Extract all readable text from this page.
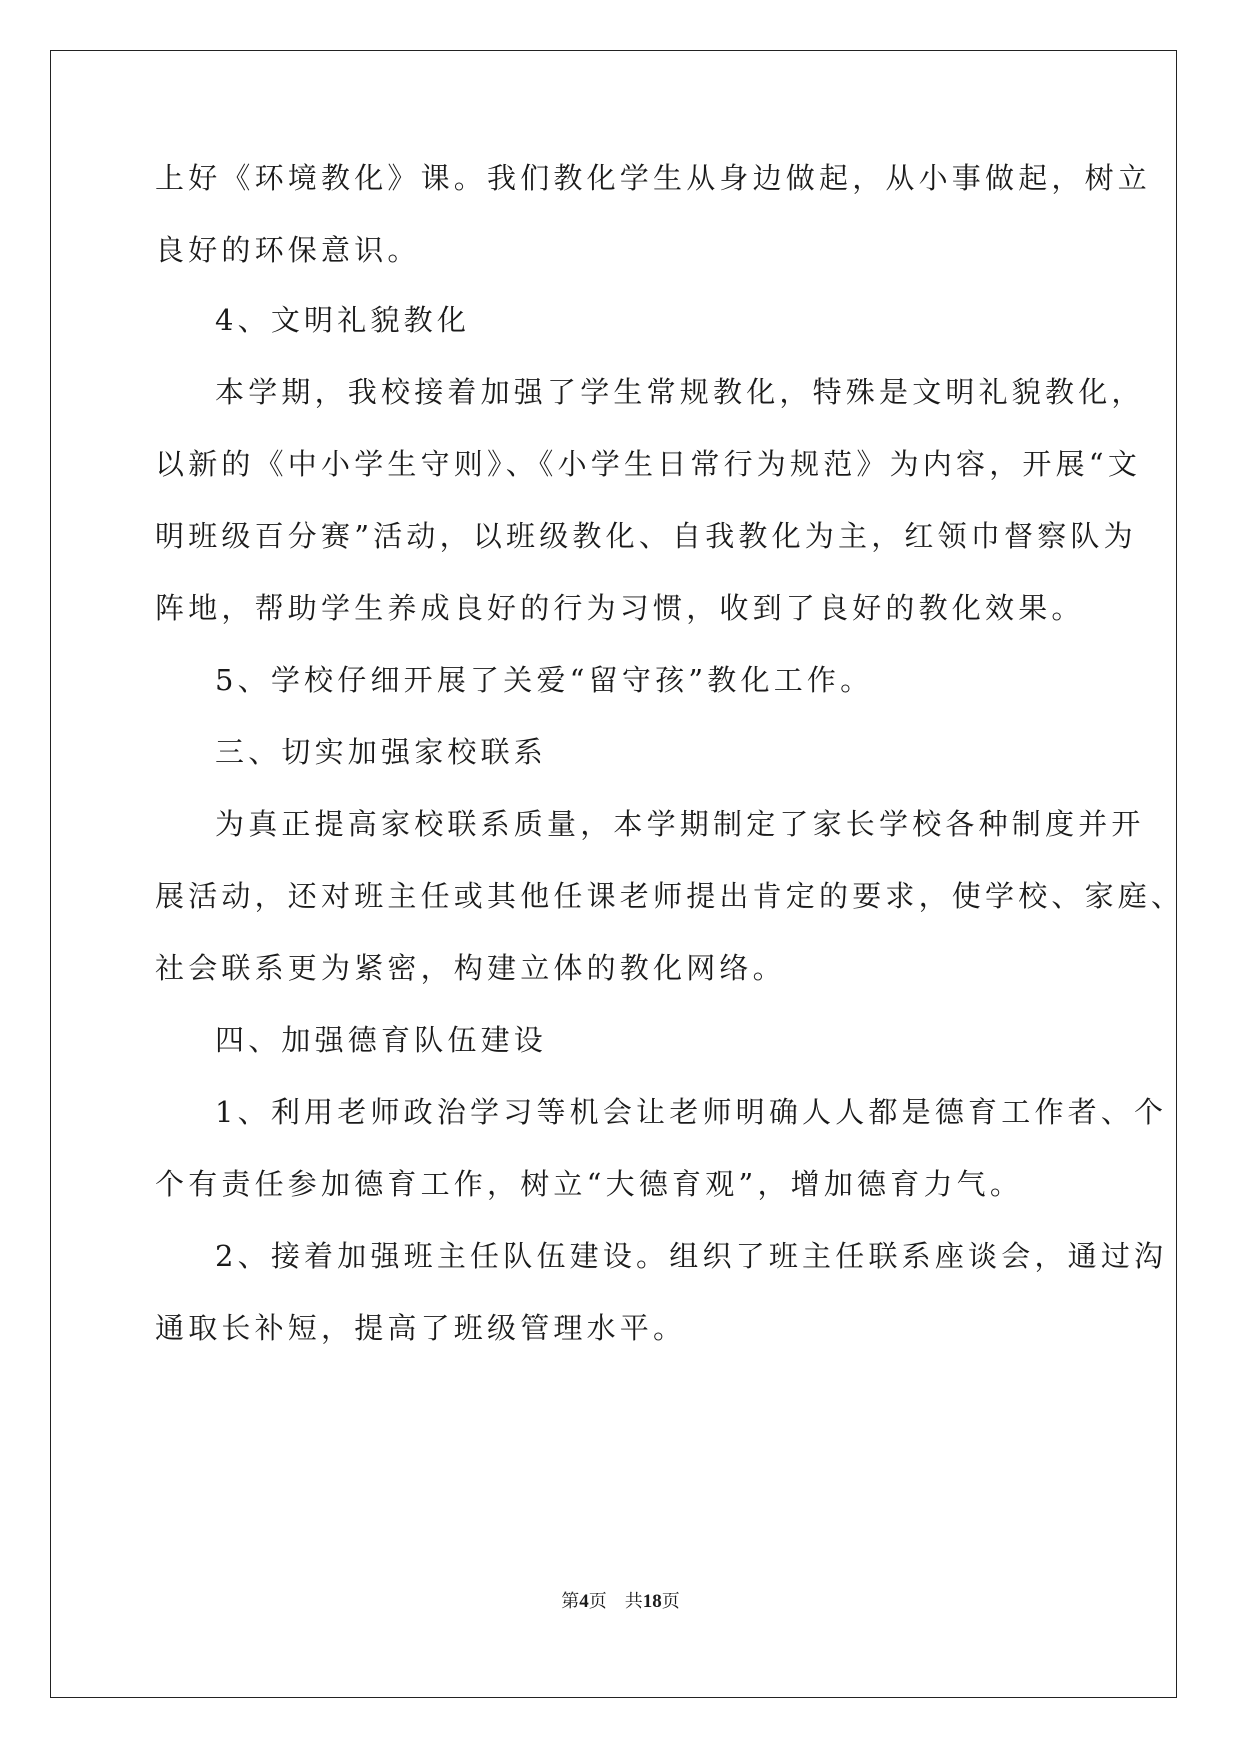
上好《环境教化》课。我们教化学生从身边做起，从小事做起，树立
良好的环保意识。
4、文明礼貌教化
本学期，我校接着加强了学生常规教化，特殊是文明礼貌教化，
以新的《中小学生守则》、《小学生日常行为规范》为内容，开展“文
明班级百分赛”活动，以班级教化、自我教化为主，红领巾督察队为
阵地，帮助学生养成良好的行为习惯，收到了良好的教化效果。
5、学校仔细开展了关爱“留守孩”教化工作。
三、切实加强家校联系
为真正提高家校联系质量，本学期制定了家长学校各种制度并开
展活动，还对班主任或其他任课老师提出肯定的要求，使学校、家庭、
社会联系更为紧密，构建立体的教化网络。
四、加强德育队伍建设
1、利用老师政治学习等机会让老师明确人人都是德育工作者、个
个有责任参加德育工作，树立“大德育观”，增加德育力气。
2、接着加强班主任队伍建设。组织了班主任联系座谈会，通过沟
通取长补短，提高了班级管理水平。
第4页　共18页
